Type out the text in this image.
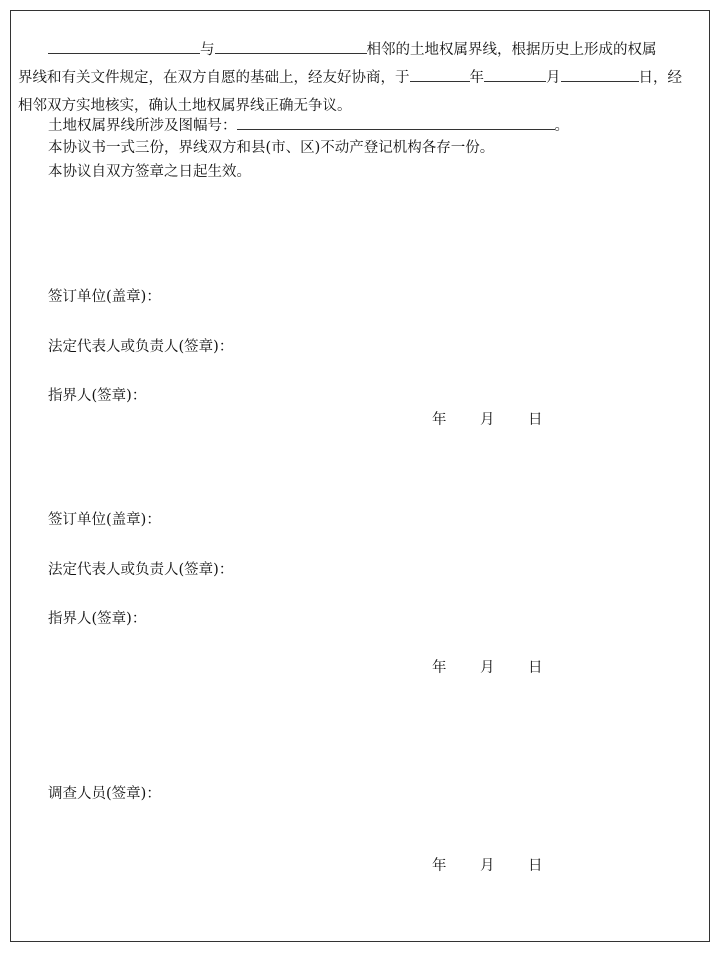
与	相邻的土地权属界线，根据历史上形成的权属
界线和有关文件规定，在双方自愿的基础上，经友好协商，于	年	月	日，经
相邻双方实地核实，确认土地权属界线正确无争议。
土地权属界线所涉及图幅号：	。
本协议书一式三份，界线双方和县(市、区)不动产登记机构各存一份。
本协议自双方签章之日起生效。
签订单位(盖章)：
法定代表人或负责人(签章)：
指界人(签章)：
年 月 日
签订单位(盖章)：
法定代表人或负责人(签章)：
指界人(签章)：
年 月 日
调查人员(签章)：
年 月 日
